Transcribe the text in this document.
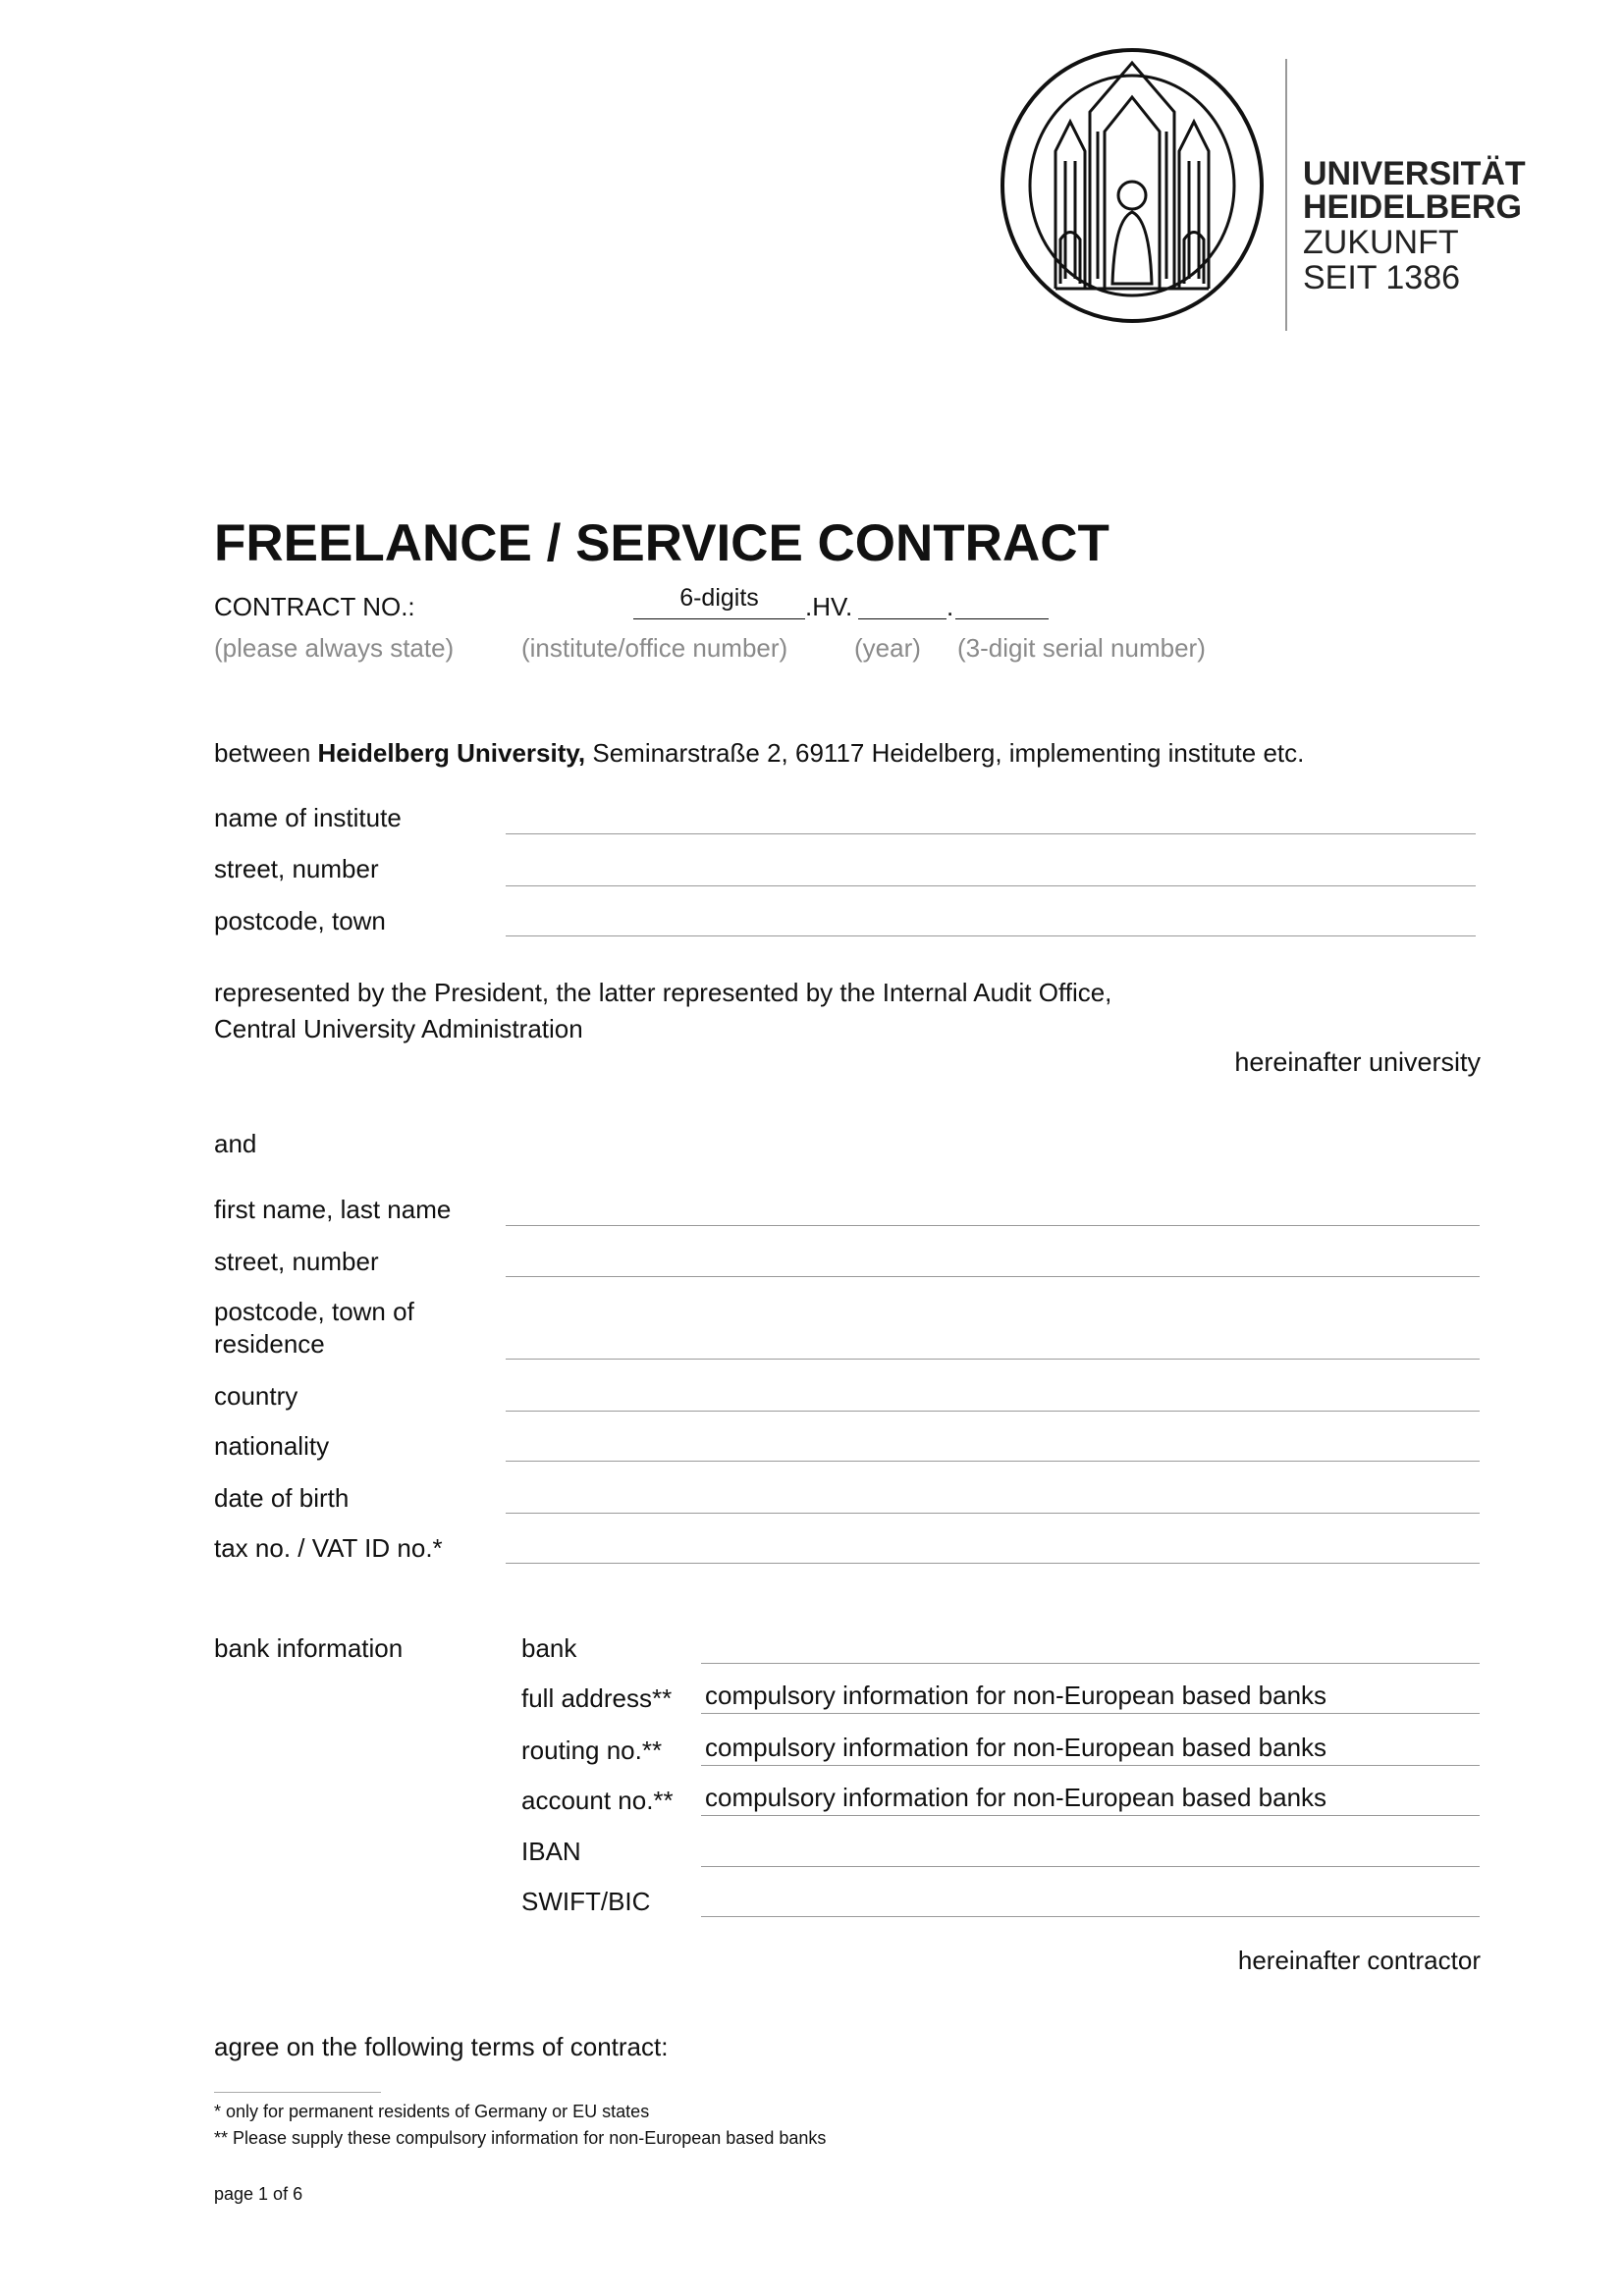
UNIVERSITÄT
HEIDELBERG
ZUKUNFT
SEIT 1386
FREELANCE / SERVICE CONTRACT
CONTRACT NO.:	6-digits	.HV.	.
(please always state)	(institute/office number)	(year) (3-digit serial number)
between Heidelberg University, Seminarstraße 2, 69117 Heidelberg, implementing institute etc.
name of institute
street, number
postcode, town
represented by the President, the latter represented by the Internal Audit Office,
Central University Administration
hereinafter university
and
first name, last name
street, number
postcode, town of
residence
country
nationality
date of birth
tax no. / VAT ID no.*
bank information	bank
full address** compulsory information for non-European based banks
routing no.** compulsory information for non-European based banks
account no.** compulsory information for non-European based banks
IBAN
SWIFT/BIC
hereinafter contractor
agree on the following terms of contract:
* only for permanent residents of Germany or EU states
** Please supply these compulsory information for non-European based banks
page 1 of 6
